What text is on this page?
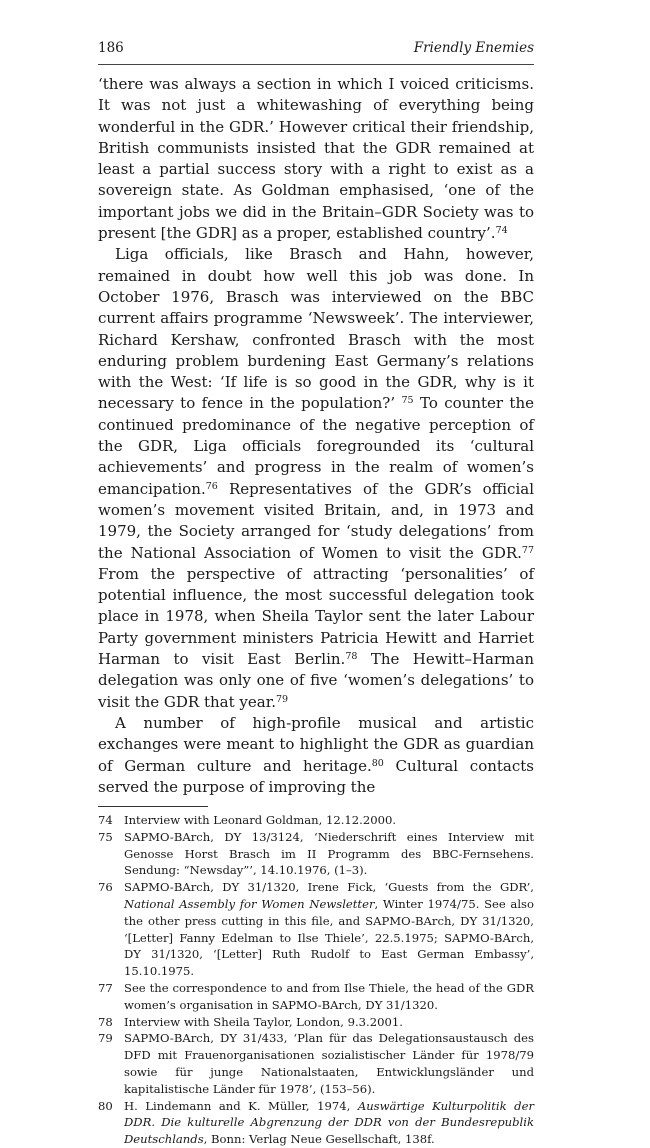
186	Friendly Enemies

‘there was always a section in which I voiced criticisms. It was not just a whitewashing of everything being wonderful in the GDR.’ However critical their friendship, British communists insisted that the GDR remained at least a partial success story with a right to exist as a sovereign state. As Goldman emphasised, ‘one of the important jobs we did in the Britain–GDR Society was to present [the GDR] as a proper, established country’.$^{74}$

Liga officials, like Brasch and Hahn, however, remained in doubt how well this job was done. In October 1976, Brasch was interviewed on the BBC current affairs programme ‘Newsweek’. The interviewer, Richard Kershaw, confronted Brasch with the most enduring problem burdening East Germany’s relations with the West: ‘If life is so good in the GDR, why is it necessary to fence in the population?’ $^{75}$ To counter the continued predominance of the negative perception of the GDR, Liga officials foregrounded its ‘cultural achievements’ and progress in the realm of women’s emancipation.$^{76}$ Representatives of the GDR’s official women’s movement visited Britain, and, in 1973 and 1979, the Society arranged for ‘study delegations’ from the National Association of Women to visit the GDR.$^{77}$ From the perspective of attracting ‘personalities’ of potential influence, the most successful delegation took place in 1978, when Sheila Taylor sent the later Labour Party government ministers Patricia Hewitt and Harriet Harman to visit East Berlin.$^{78}$ The Hewitt–Harman delegation was only one of five ‘women’s delegations’ to visit the GDR that year.$^{79}$

A number of high-profile musical and artistic exchanges were meant to highlight the GDR as guardian of German culture and heritage.$^{80}$ Cultural contacts served the purpose of improving the

74 Interview with Leonard Goldman, 12.12.2000.
75 SAPMO-BArch, DY 13/3124, ‘Niederschrift eines Interview mit Genosse Horst Brasch im II Programm des BBC-Fernsehens. Sendung: “Newsday”’, 14.10.1976, (1–3).
76 SAPMO-BArch, DY 31/1320, Irene Fick, ‘Guests from the GDR’, National Assembly for Women Newsletter, Winter 1974/75. See also the other press cutting in this file, and SAPMO-BArch, DY 31/1320, ‘[Letter] Fanny Edelman to Ilse Thiele’, 22.5.1975; SAPMO-BArch, DY 31/1320, ‘[Letter] Ruth Rudolf to East German Embassy’, 15.10.1975.
77 See the correspondence to and from Ilse Thiele, the head of the GDR women’s organisation in SAPMO-BArch, DY 31/1320.
78 Interview with Sheila Taylor, London, 9.3.2001.
79 SAPMO-BArch, DY 31/433, ‘Plan für das Delegationsaustausch des DFD mit Frauenorganisationen sozialistischer Länder für 1978/79 sowie für junge Nationalstaaten, Entwicklungsländer und kapitalistische Länder für 1978’, (153–56).
80 H. Lindemann and K. Müller, 1974, Auswärtige Kulturpolitik der DDR. Die kulturelle Abgrenzung der DDR von der Bundesrepublik Deutschlands, Bonn: Verlag Neue Gesellschaft, 138f.
